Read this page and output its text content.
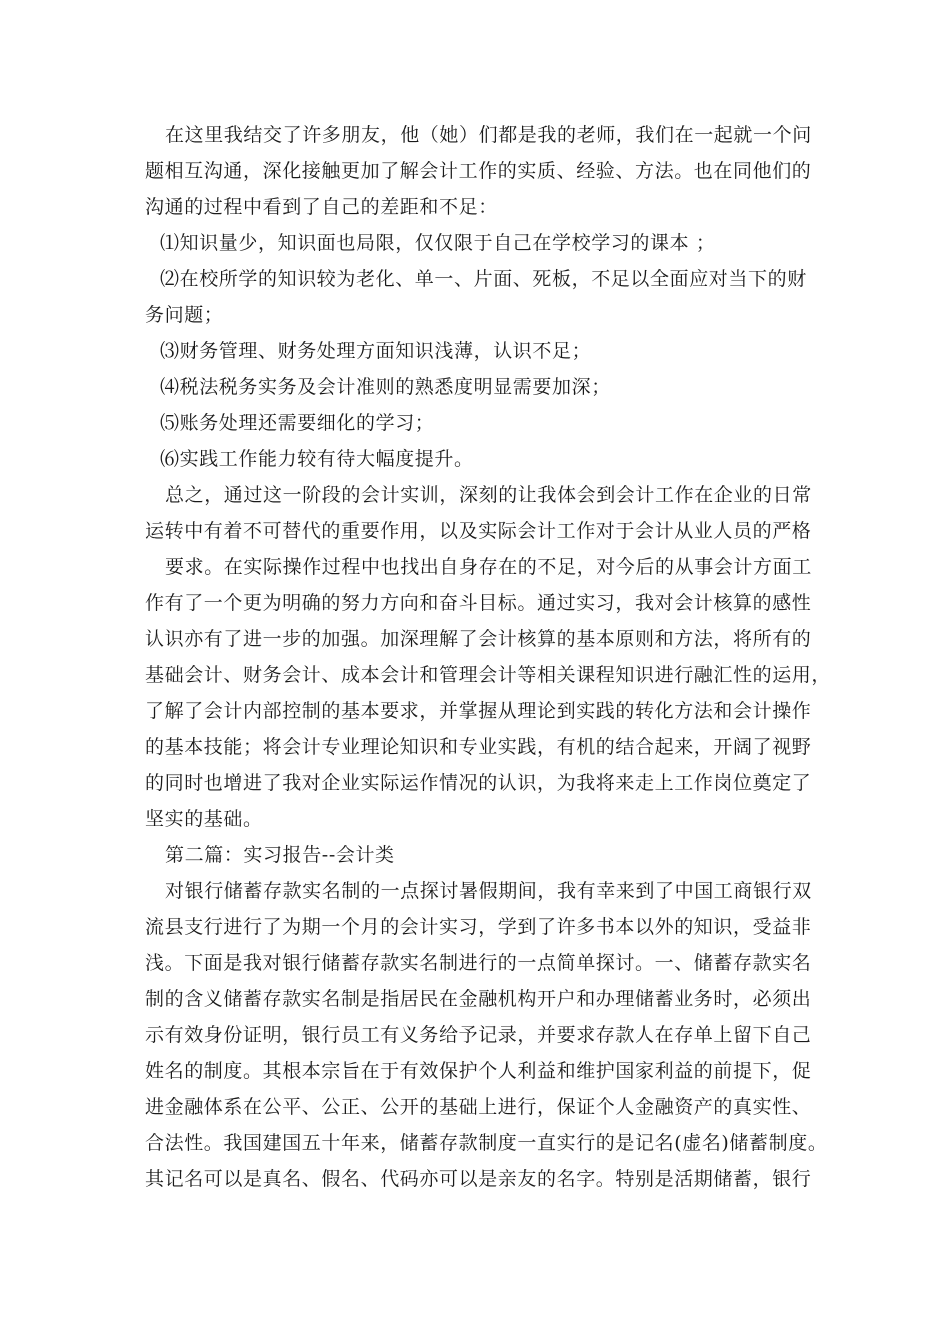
在这里我结交了许多朋友，他（她）们都是我的老师，我们在一起就一个问
题相互沟通，深化接触更加了解会计工作的实质、经验、方法。也在同他们的
沟通的过程中看到了自己的差距和不足：
⑴知识量少，知识面也局限，仅仅限于自己在学校学习的课本 ；
⑵在校所学的知识较为老化、单一、片面、死板，不足以全面应对当下的财
务问题；
⑶财务管理、财务处理方面知识浅薄，认识不足；
⑷税法税务实务及会计准则的熟悉度明显需要加深；
⑸账务处理还需要细化的学习；
⑹实践工作能力较有待大幅度提升。
总之，通过这一阶段的会计实训，深刻的让我体会到会计工作在企业的日常
运转中有着不可替代的重要作用，以及实际会计工作对于会计从业人员的严格
要求。在实际操作过程中也找出自身存在的不足，对今后的从事会计方面工
作有了一个更为明确的努力方向和奋斗目标。通过实习，我对会计核算的感性
认识亦有了进一步的加强。加深理解了会计核算的基本原则和方法，将所有的
基础会计、财务会计、成本会计和管理会计等相关课程知识进行融汇性的运用，
了解了会计内部控制的基本要求，并掌握从理论到实践的转化方法和会计操作
的基本技能；将会计专业理论知识和专业实践，有机的结合起来，开阔了视野
的同时也增进了我对企业实际运作情况的认识，为我将来走上工作岗位奠定了
坚实的基础。
第二篇：实习报告--会计类
对银行储蓄存款实名制的一点探讨暑假期间，我有幸来到了中国工商银行双
流县支行进行了为期一个月的会计实习，学到了许多书本以外的知识，受益非
浅。下面是我对银行储蓄存款实名制进行的一点简单探讨。一、储蓄存款实名
制的含义储蓄存款实名制是指居民在金融机构开户和办理储蓄业务时，必须出
示有效身份证明，银行员工有义务给予记录，并要求存款人在存单上留下自己
姓名的制度。其根本宗旨在于有效保护个人利益和维护国家利益的前提下，促
进金融体系在公平、公正、公开的基础上进行，保证个人金融资产的真实性、
合法性。我国建国五十年来，储蓄存款制度一直实行的是记名(虚名)储蓄制度。
其记名可以是真名、假名、代码亦可以是亲友的名字。特别是活期储蓄，银行
